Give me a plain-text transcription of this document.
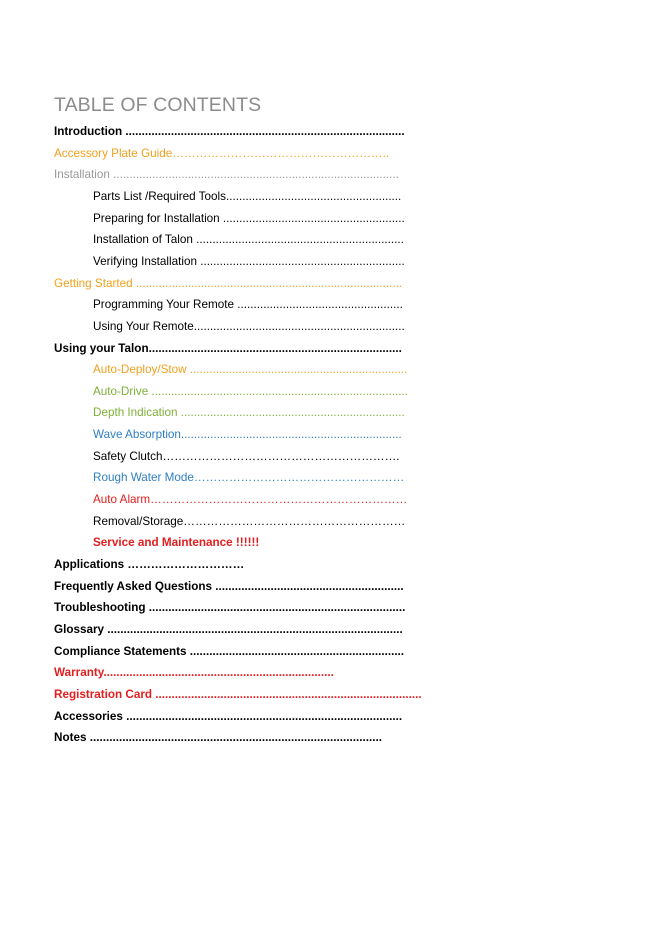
TABLE OF CONTENTS
Introduction ......................................................................................
Accessory Plate Guide………………………………………………..
Installation ........................................................................................
Parts List /Required Tools......................................................
Preparing for Installation ........................................................
Installation of Talon ................................................................
Verifying Installation ...............................................................
Getting Started ..................................................................................
Programming Your Remote ...................................................
Using Your Remote.................................................................
Using your Talon..............................................................................
Auto-Deploy/Stow ...................................................................
Auto-Drive ...............................................................................
Depth Indication .....................................................................
Wave Absorption....................................................................
Safety Clutch…………………………………………………….
Rough Water Mode………………………………………………
Auto Alarm…………………………………………………………
Removal/Storage…………………………………………………
Service and Maintenance !!!!!!
Applications …………………………
Frequently Asked Questions ..........................................................
Troubleshooting ...............................................................................
Glossary ...........................................................................................
Compliance Statements ..................................................................
Warranty.......................................................................
Registration Card ..................................................................................
Accessories .....................................................................................
Notes ..........................................................................................
